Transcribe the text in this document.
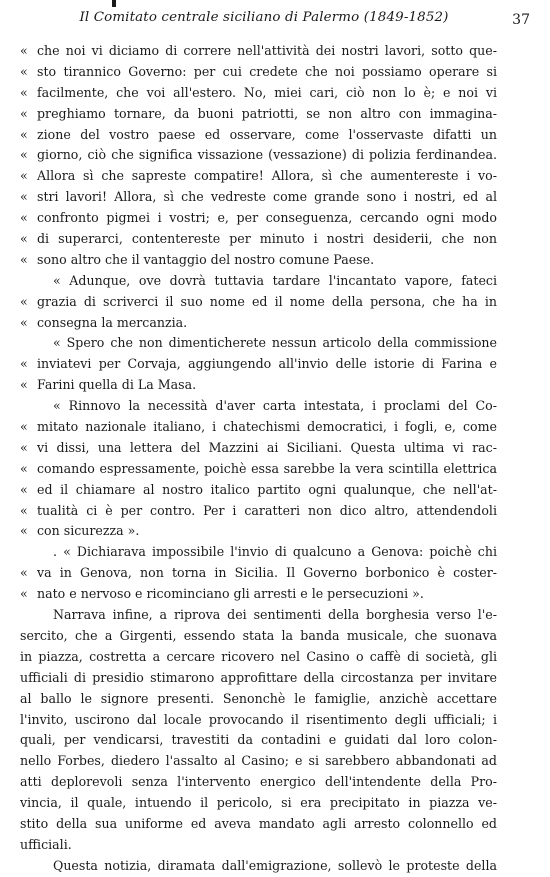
Il Comitato centrale siciliano di Palermo (1849-1852)	37
« che noi vi diciamo di correre nell'attività dei nostri lavori, sotto que-
« sto tirannico Governo: per cui credete che noi possiamo operare si
« facilmente, che voi all'estero. No, miei cari, ciò non lo è; e noi vi
« preghiamo tornare, da buoni patriotti, se non altro con immagina-
« zione del vostro paese ed osservare, come l'osservaste difatti un
« giorno, ciò che significa vissazione (vessazione) di polizia ferdinandea.
« Allora sì che sapreste compatire! Allora, sì che aumentereste i vo-
« stri lavori! Allora, sì che vedreste come grande sono i nostri, ed al
« confronto pigmei i vostri; e, per conseguenza, cercando ogni modo
« di superarci, contentereste per minuto i nostri desiderii, che non
« sono altro che il vantaggio del nostro comune Paese.
« Adunque, ove dovrà tuttavia tardare l'incantato vapore, fateci
« grazia di scriverci il suo nome ed il nome della persona, che ha in
« consegna la mercanzia.
« Spero che non dimenticherete nessun articolo della commissione
« inviatevi per Corvaja, aggiungendo all'invio delle istorie di Farina e
« Farini quella di La Masa.
« Rinnovo la necessità d'aver carta intestata, i proclami del Co-
« mitato nazionale italiano, i chatechismi democratici, i fogli, e, come
« vi dissi, una lettera del Mazzini ai Siciliani. Questa ultima vi rac-
« comando espressamente, poichè essa sarebbe la vera scintilla elettrica
« ed il chiamare al nostro italico partito ogni qualunque, che nell'at-
« tualità ci è per contro. Per i caratteri non dico altro, attendendoli
« con sicurezza ».
. « Dichiarava impossibile l'invio di qualcuno a Genova: poichè chi
« va in Genova, non torna in Sicilia. Il Governo borbonico è coster-
« nato e nervoso e ricominciano gli arresti e le persecuzioni ».
Narrava infine, a riprova dei sentimenti della borghesia verso l'e-
sercito, che a Girgenti, essendo stata la banda musicale, che suonava
in piazza, costretta a cercare ricovero nel Casino o caffè di società, gli
ufficiali di presidio stimarono approfittare della circostanza per invitare
al ballo le signore presenti. Senonchè le famiglie, anzichè accettare
l'invito, uscirono dal locale provocando il risentimento degli ufficiali; i
quali, per vendicarsi, travestiti da contadini e guidati dal loro colon-
nello Forbes, diedero l'assalto al Casino; e si sarebbero abbandonati ad
atti deplorevoli senza l'intervento energico dell'intendente della Pro-
vincia, il quale, intuendo il pericolo, si era precipitato in piazza ve-
stito della sua uniforme ed aveva mandato agli arresto colonnello ed
ufficiali.
Questa notizia, diramata dall'emigrazione, sollevò le proteste della
